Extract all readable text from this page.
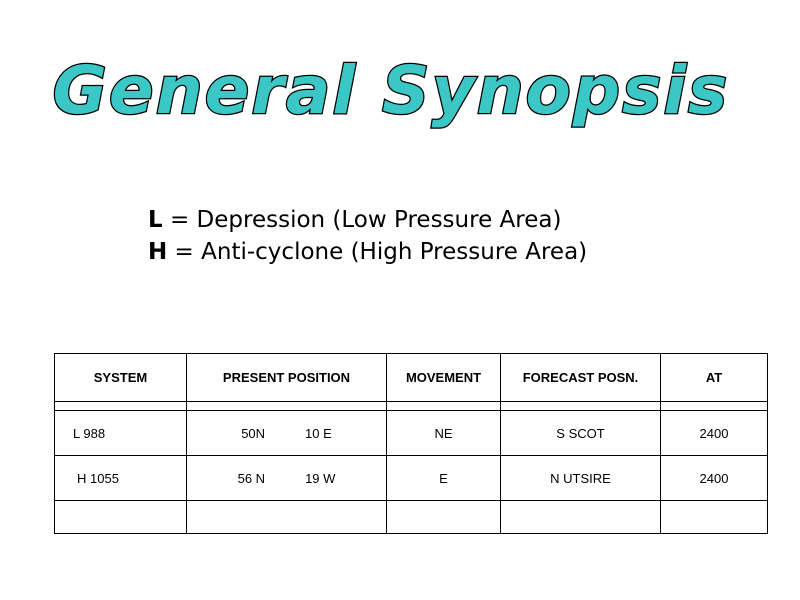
General Synopsis
L = Depression (Low Pressure Area)
H = Anti-cyclone (High Pressure Area)
SYSTEM	PRESENT POSITION	MOVEMENT	FORECAST POSN.	AT

L 988	50N 10 E	NE	S SCOT	2400
H 1055	56 N 19 W	E	N UTSIRE	2400
